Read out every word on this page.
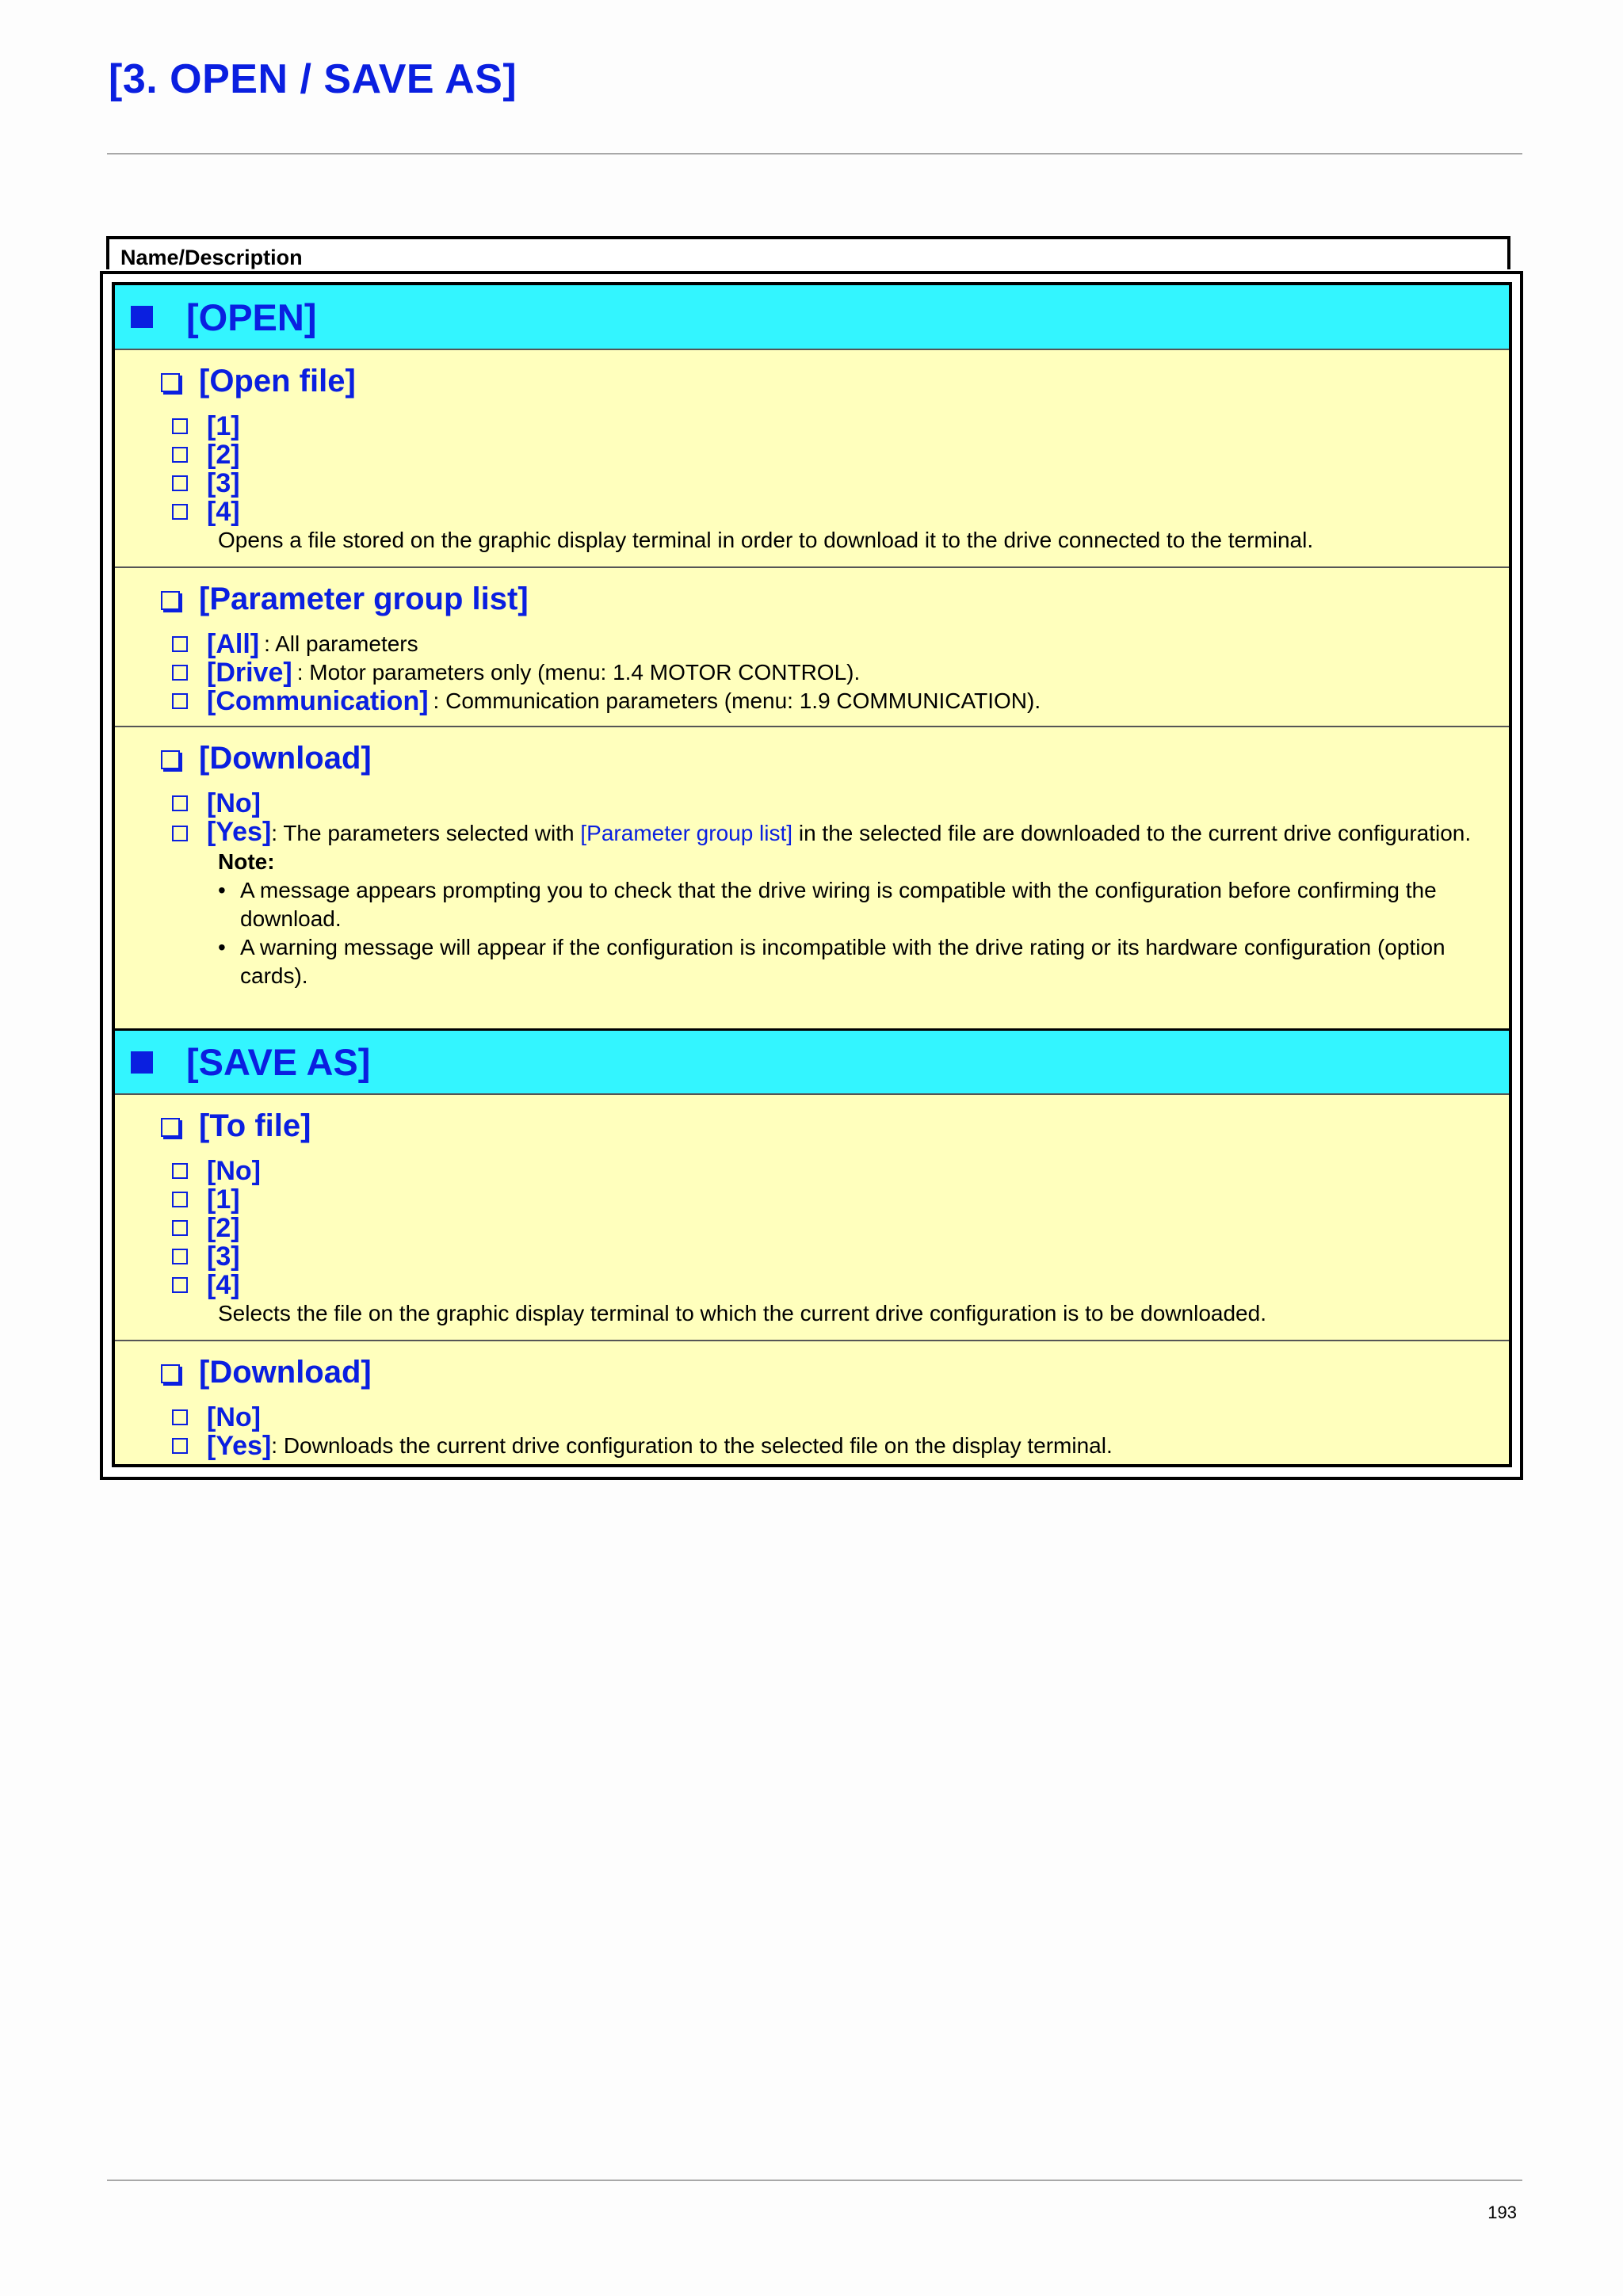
[3. OPEN / SAVE AS]
Name/Description
[OPEN]
[Open file]
[1]
[2]
[3]
[4]
Opens a file stored on the graphic display terminal in order to download it to the drive connected to the terminal.
[Parameter group list]
[All] : All parameters
[Drive] : Motor parameters only (menu: 1.4 MOTOR CONTROL).
[Communication] : Communication parameters (menu: 1.9 COMMUNICATION).
[Download]
[No]
[Yes]: The parameters selected with [Parameter group list] in the selected file are downloaded to the current drive configuration.
Note:
• A message appears prompting you to check that the drive wiring is compatible with the configuration before confirming the download.
• A warning message will appear if the configuration is incompatible with the drive rating or its hardware configuration (option cards).
[SAVE AS]
[To file]
[No]
[1]
[2]
[3]
[4]
Selects the file on the graphic display terminal to which the current drive configuration is to be downloaded.
[Download]
[No]
[Yes] : Downloads the current drive configuration to the selected file on the display terminal.
193
